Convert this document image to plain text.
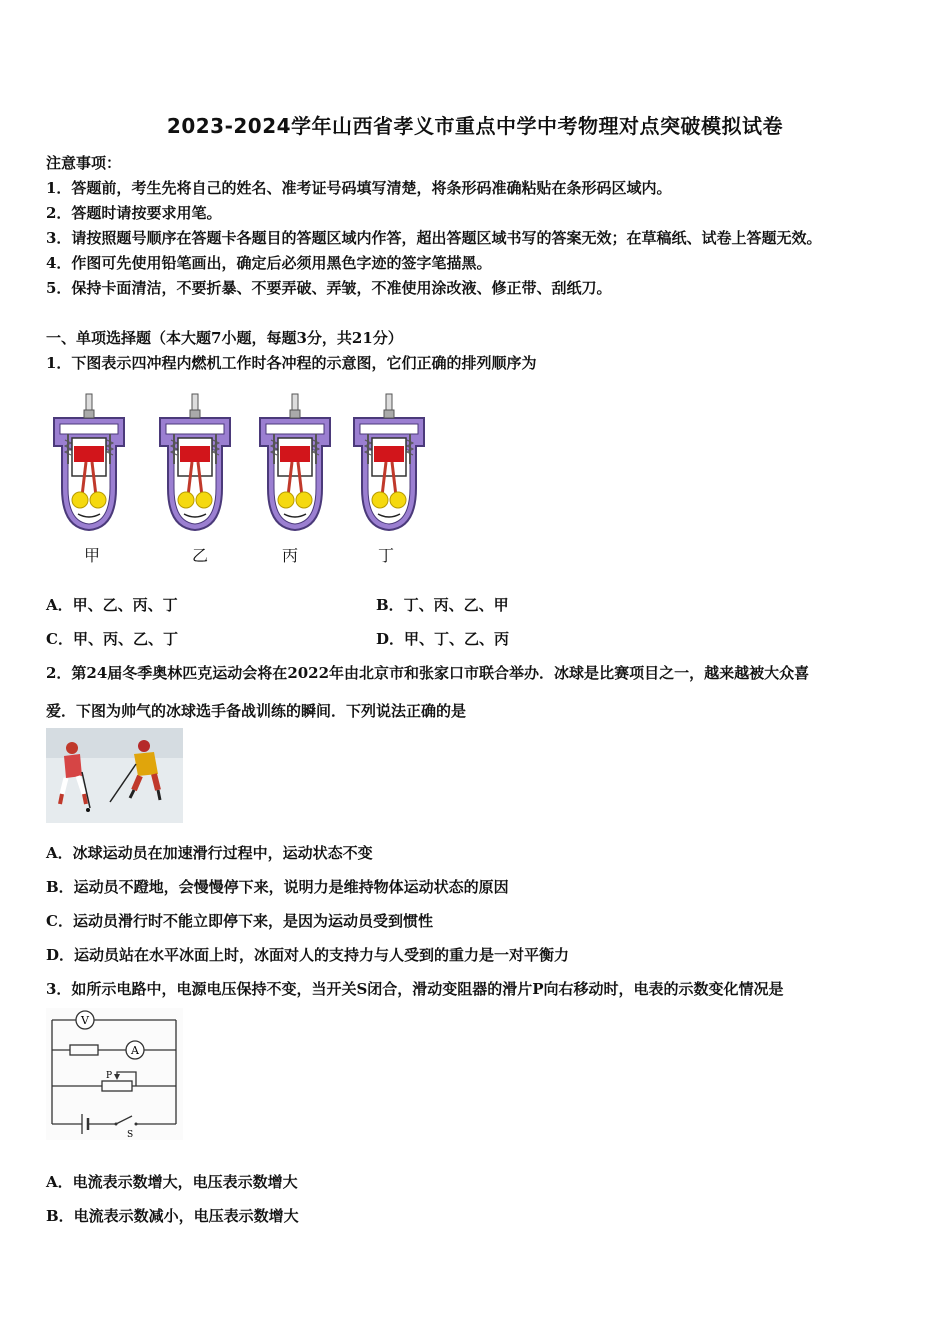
2023-2024学年山西省孝义市重点中学中考物理对点突破模拟试卷
注意事项：
1．答题前，考生先将自己的姓名、准考证号码填写清楚，将条形码准确粘贴在条形码区域内。
2．答题时请按要求用笔。
3．请按照题号顺序在答题卡各题目的答题区域内作答，超出答题区域书写的答案无效；在草稿纸、试卷上答题无效。
4．作图可先使用铅笔画出，确定后必须用黑色字迹的签字笔描黑。
5．保持卡面清洁，不要折暴、不要弄破、弄皱，不准使用涂改液、修正带、刮纸刀。
一、单项选择题（本大题7小题，每题3分，共21分）
1．下图表示四冲程内燃机工作时各冲程的示意图，它们正确的排列顺序为
甲	乙	丙	丁
A．甲、乙、丙、丁	B．丁、丙、乙、甲
C．甲、丙、乙、丁	D．甲、丁、乙、丙
2．第24届冬季奥林匹克运动会将在2022年由北京市和张家口市联合举办．冰球是比赛项目之一，越来越被大众喜
爱．下图为帅气的冰球选手备战训练的瞬间．下列说法正确的是
A．冰球运动员在加速滑行过程中，运动状态不变
B．运动员不蹬地，会慢慢停下来，说明力是维持物体运动状态的原因
C．运动员滑行时不能立即停下来，是因为运动员受到惯性
D．运动员站在水平冰面上时，冰面对人的支持力与人受到的重力是一对平衡力
3．如所示电路中，电源电压保持不变，当开关S闭合，滑动变阻器的滑片P向右移动时，电表的示数变化情况是
V
A
P
S
A．电流表示数增大，电压表示数增大
B．电流表示数减小，电压表示数增大
